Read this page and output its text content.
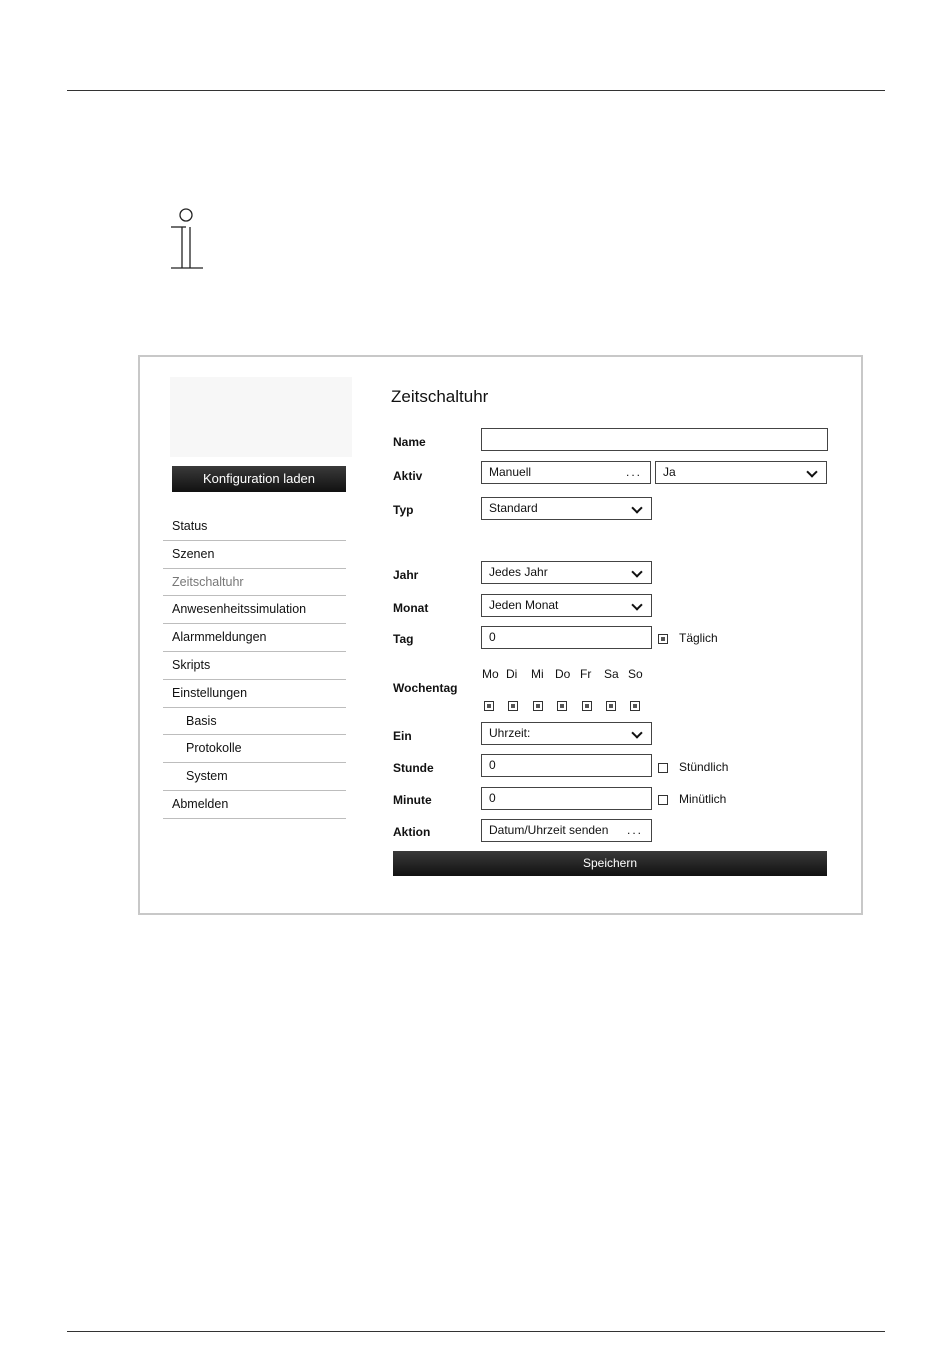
Konfiguration laden
Status
Szenen
Zeitschaltuhr
Anwesenheitssimulation
Alarmmeldungen
Skripts
Einstellungen
Basis
Protokolle
System
Abmelden
Zeitschaltuhr
Name
Aktiv	Manuell	...	Ja
Typ	Standard
Jahr	Jedes Jahr
Monat	Jeden Monat
Tag	0	Täglich
Wochentag
Mo Di Mi Do Fr Sa So
Ein	Uhrzeit:
Stunde	0	Stündlich
Minute	0	Minütlich
Aktion	Datum/Uhrzeit senden ...
Speichern
